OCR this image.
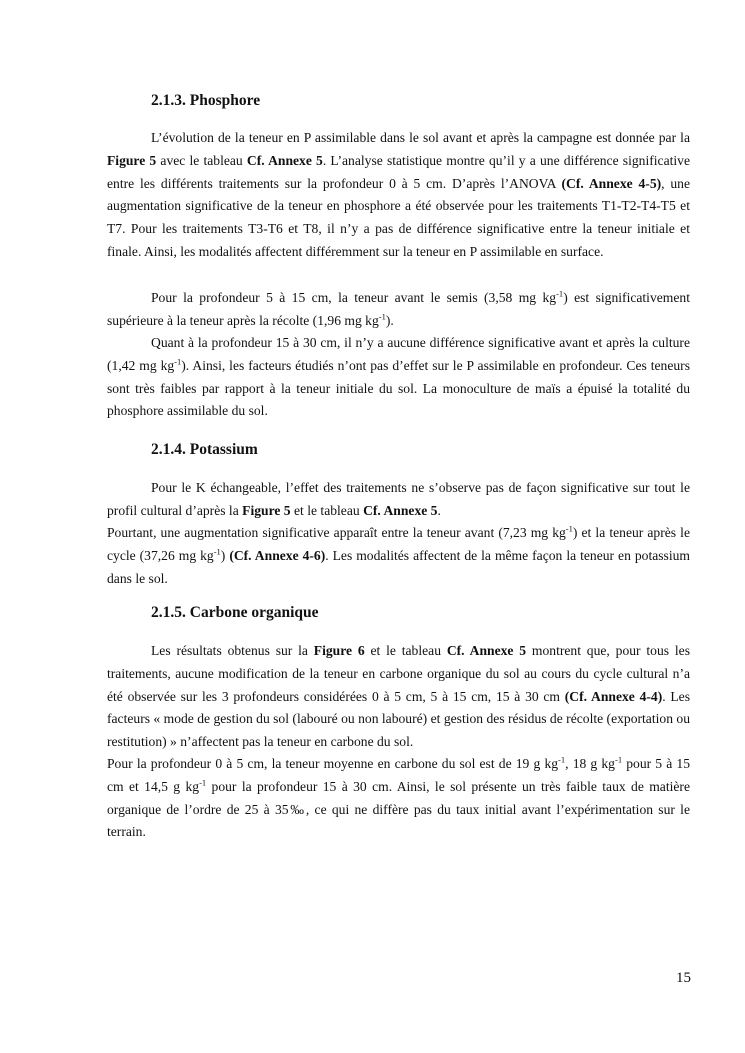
2.1.3. Phosphore

L’évolution de la teneur en P assimilable dans le sol avant et après la campagne est donnée par la Figure 5 avec le tableau Cf. Annexe 5. L’analyse statistique montre qu’il y a une différence significative entre les différents traitements sur la profondeur 0 à 5 cm. D’après l’ANOVA (Cf. Annexe 4-5), une augmentation significative de la teneur en phosphore a été observée pour les traitements T1-T2-T4-T5 et T7. Pour les traitements T3-T6 et T8, il n’y a pas de différence significative entre la teneur initiale et finale. Ainsi, les modalités affectent différemment sur la teneur en P assimilable en surface.

Pour la profondeur 5 à 15 cm, la teneur avant le semis (3,58 mg $kg^{-1}$) est significativement supérieure à la teneur après la récolte (1,96 mg $kg^{-1}$).

Quant à la profondeur 15 à 30 cm, il n’y a aucune différence significative avant et après la culture (1,42 mg $kg^{-1}$). Ainsi, les facteurs étudiés n’ont pas d’effet sur le P assimilable en profondeur. Ces teneurs sont très faibles par rapport à la teneur initiale du sol. La monoculture de maïs a épuisé la totalité du phosphore assimilable du sol.

2.1.4. Potassium

Pour le K échangeable, l’effet des traitements ne s’observe pas de façon significative sur tout le profil cultural d’après la Figure 5 et le tableau Cf. Annexe 5.

Pourtant, une augmentation significative apparaît entre la teneur avant (7,23 mg $kg^{-1}$) et la teneur après le cycle (37,26 mg $kg^{-1}$) (Cf. Annexe 4-6). Les modalités affectent de la même façon la teneur en potassium dans le sol.

2.1.5. Carbone organique

Les résultats obtenus sur la Figure 6 et le tableau Cf. Annexe 5 montrent que, pour tous les traitements, aucune modification de la teneur en carbone organique du sol au cours du cycle cultural n’a été observée sur les 3 profondeurs considérées 0 à 5 cm, 5 à 15 cm, 15 à 30 cm (Cf. Annexe 4-4). Les facteurs « mode de gestion du sol (labouré ou non labouré) et gestion des résidus de récolte (exportation ou restitution) » n’affectent pas la teneur en carbone du sol.

Pour la profondeur 0 à 5 cm, la teneur moyenne en carbone du sol est de 19 g $kg^{-1}$, 18 g $kg^{-1}$ pour 5 à 15 cm et 14,5 g $kg^{-1}$ pour la profondeur 15 à 30 cm. Ainsi, le sol présente un très faible taux de matière organique de l’ordre de 25 à 35‰, ce qui ne diffère pas du taux initial avant l’expérimentation sur le terrain.

15
